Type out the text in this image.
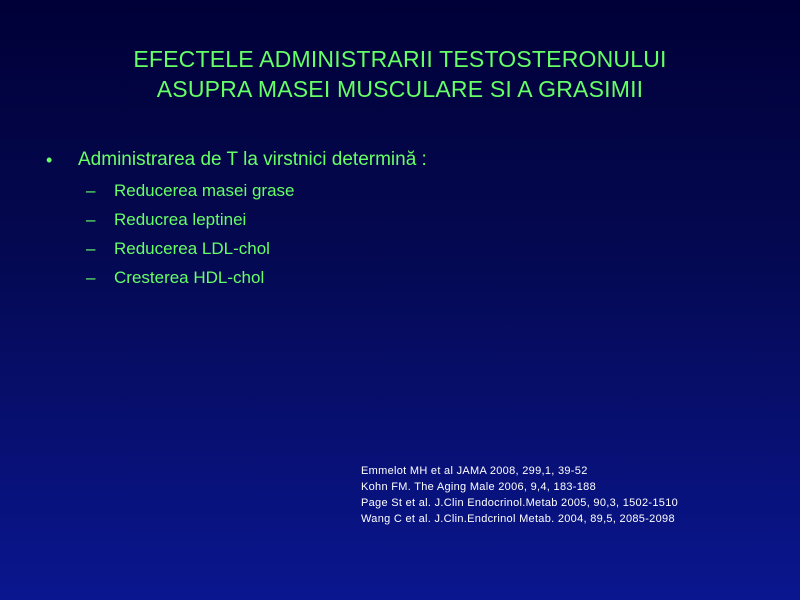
EFECTELE ADMINISTRARII TESTOSTERONULUI
ASUPRA MASEI MUSCULARE SI A GRASIMII
• Administrarea de T la virstnici determină :
– Reducerea masei grase
– Reducrea leptinei
– Reducerea LDL-chol
– Cresterea HDL-chol
Emmelot MH et al JAMA 2008, 299,1, 39-52
Kohn FM. The Aging Male 2006, 9,4, 183-188
Page St et al. J.Clin Endocrinol.Metab 2005, 90,3, 1502-1510
Wang C et al. J.Clin.Endcrinol Metab. 2004, 89,5, 2085-2098
